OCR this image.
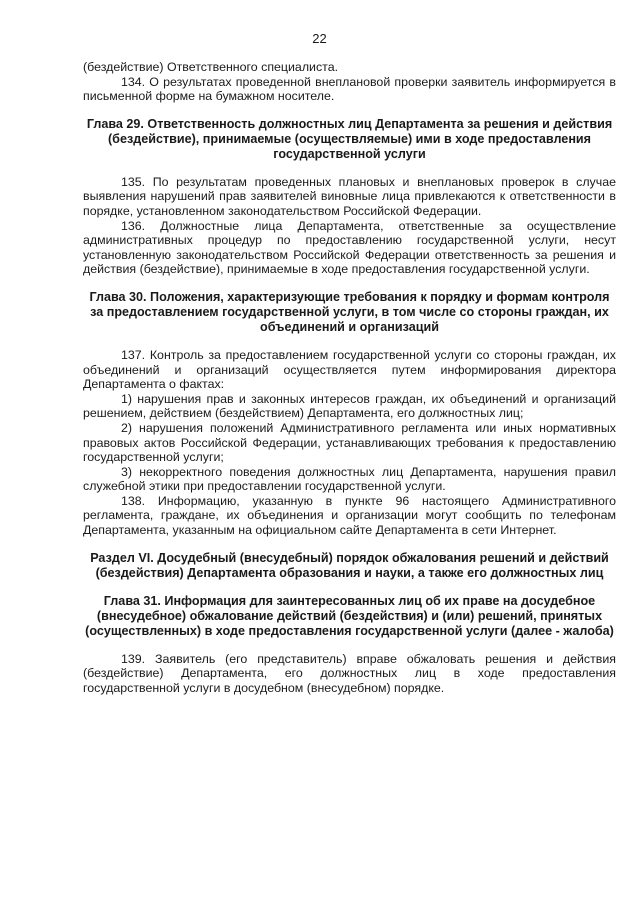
22

(бездействие) Ответственного специалиста.

134. О результатах проведенной внеплановой проверки заявитель информируется в письменной форме на бумажном носителе.

Глава 29. Ответственность должностных лиц Департамента за решения и действия (бездействие), принимаемые (осуществляемые) ими в ходе предоставления государственной услуги

135. По результатам проведенных плановых и внеплановых проверок в случае выявления нарушений прав заявителей виновные лица привлекаются к ответственности в порядке, установленном законодательством Российской Федерации.

136. Должностные лица Департамента, ответственные за осуществление административных процедур по предоставлению государственной услуги, несут установленную законодательством Российской Федерации ответственность за решения и действия (бездействие), принимаемые в ходе предоставления государственной услуги.

Глава 30. Положения, характеризующие требования к порядку и формам контроля за предоставлением государственной услуги, в том числе со стороны граждан, их объединений и организаций

137. Контроль за предоставлением государственной услуги со стороны граждан, их объединений и организаций осуществляется путем информирования директора Департамента о фактах:

1) нарушения прав и законных интересов граждан, их объединений и организаций решением, действием (бездействием) Департамента, его должностных лиц;

2) нарушения положений Административного регламента или иных нормативных правовых актов Российской Федерации, устанавливающих требования к предоставлению государственной услуги;

3) некорректного поведения должностных лиц Департамента, нарушения правил служебной этики при предоставлении государственной услуги.

138. Информацию, указанную в пункте 96 настоящего Административного регламента, граждане, их объединения и организации могут сообщить по телефонам Департамента, указанным на официальном сайте Департамента в сети Интернет.

Раздел VI. Досудебный (внесудебный) порядок обжалования решений и действий (бездействия) Департамента образования и науки, а также его должностных лиц
Глава 31. Информация для заинтересованных лиц об их праве на досудебное (внесудебное) обжалование действий (бездействия) и (или) решений, принятых (осуществленных) в ходе предоставления государственной услуги (далее - жалоба)

139. Заявитель (его представитель) вправе обжаловать решения и действия (бездействие) Департамента, его должностных лиц в ходе предоставления государственной услуги в досудебном (внесудебном) порядке.
